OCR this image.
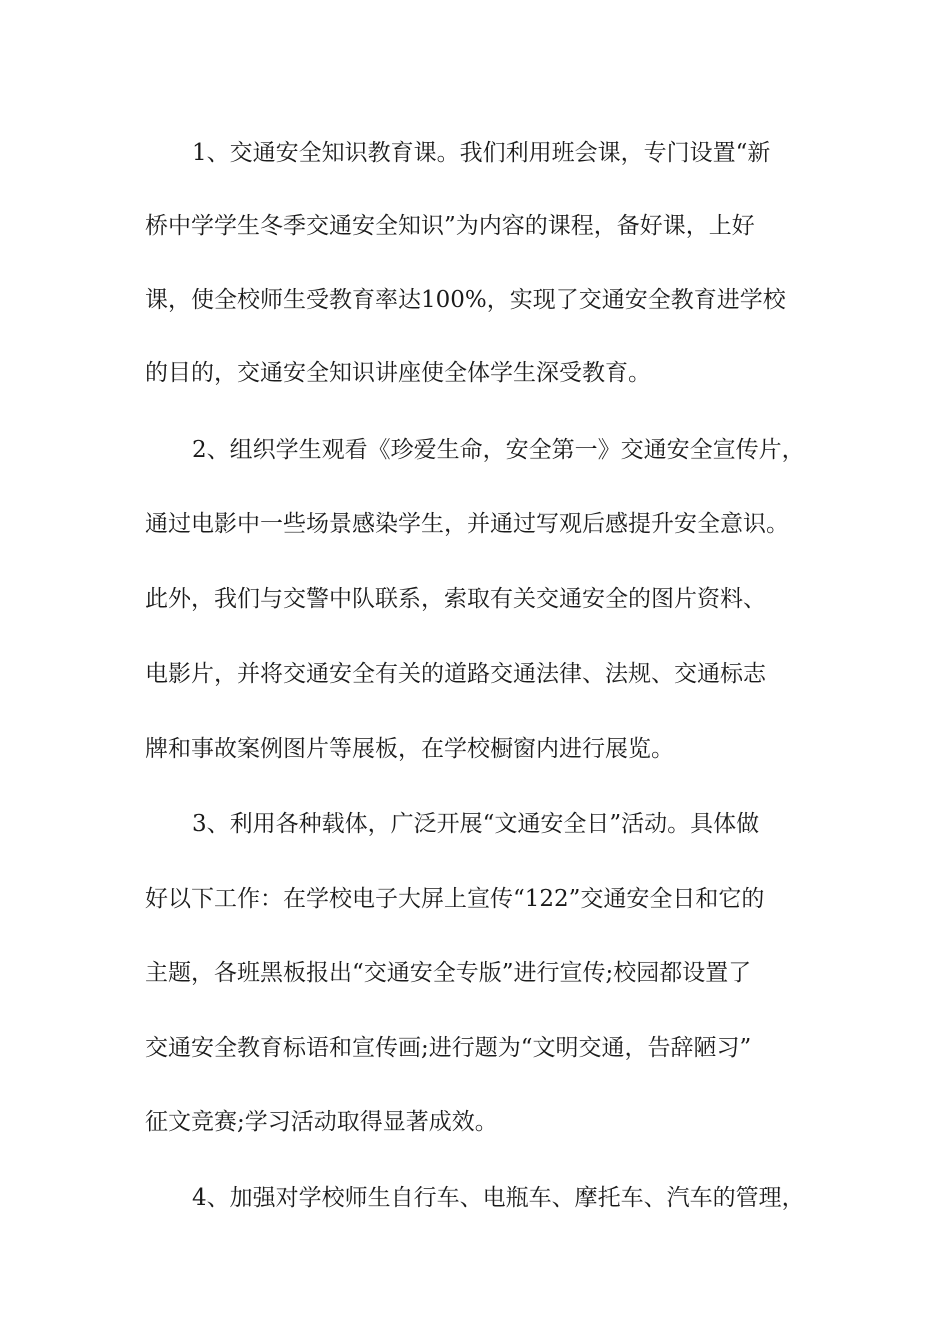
1、交通安全知识教育课。我们利用班会课，专门设置“新
桥中学学生冬季交通安全知识”为内容的课程，备好课，上好
课，使全校师生受教育率达100%，实现了交通安全教育进学校
的目的，交通安全知识讲座使全体学生深受教育。
2、组织学生观看《珍爱生命，安全第一》交通安全宣传片，
通过电影中一些场景感染学生，并通过写观后感提升安全意识。
此外，我们与交警中队联系，索取有关交通安全的图片资料、
电影片，并将交通安全有关的道路交通法律、法规、交通标志
牌和事故案例图片等展板，在学校橱窗内进行展览。
3、利用各种载体，广泛开展“文通安全日”活动。具体做
好以下工作：在学校电子大屏上宣传“122”交通安全日和它的
主题，各班黑板报出“交通安全专版”进行宣传;校园都设置了
交通安全教育标语和宣传画;进行题为“文明交通，告辞陋习”
征文竞赛;学习活动取得显著成效。
4、加强对学校师生自行车、电瓶车、摩托车、汽车的管理，
